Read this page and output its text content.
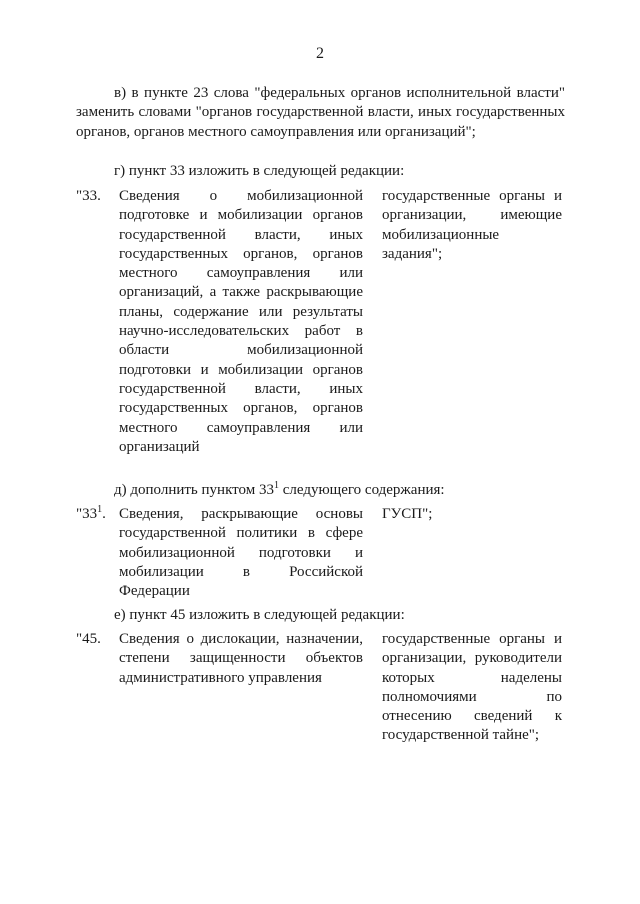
2
в) в пункте 23 слова "федеральных органов исполнительной власти" заменить словами "органов государственной власти, иных государственных органов, органов местного самоуправления или организаций";
г) пункт 33 изложить в следующей редакции:
"33. Сведения о мобилизационной подготовке и мобилизации органов государственной власти, иных государственных органов, органов местного самоуправления или организаций, а также раскрывающие планы, содержание или результаты научно-исследовательских работ в области мобилизационной подготовки и мобилизации органов государственной власти, иных государственных органов, органов местного самоуправления или организаций
государственные органы и организации, имеющие мобилизационные задания";
д) дополнить пунктом $33^1$ следующего содержания:
"$33^1$. Сведения, раскрывающие основы государственной политики в сфере мобилизационной подготовки и мобилизации в Российской Федерации
ГУСП";
е) пункт 45 изложить в следующей редакции:
"45. Сведения о дислокации, назначении, степени защищенности объектов административного управления
государственные органы и организации, руководители которых наделены полномочиями по отнесению сведений к государственной тайне";
